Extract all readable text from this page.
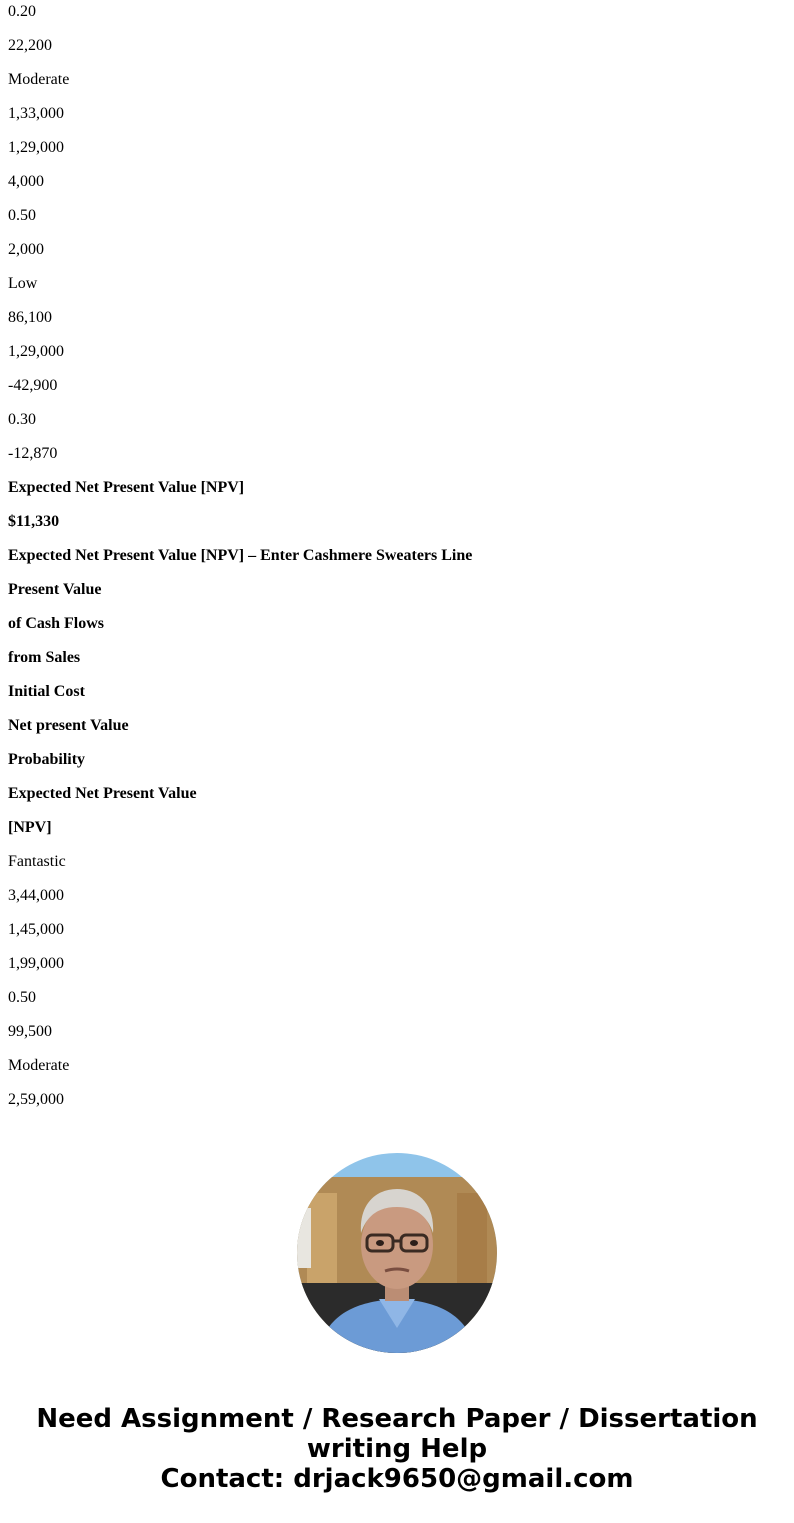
0.20
22,200
Moderate
1,33,000
1,29,000
4,000
0.50
2,000
Low
86,100
1,29,000
-42,900
0.30
-12,870
Expected Net Present Value [NPV]
$11,330
Expected Net Present Value [NPV] – Enter Cashmere Sweaters Line
Present Value
of Cash Flows
from Sales
Initial Cost
Net present Value
Probability
Expected Net Present Value
[NPV]
Fantastic
3,44,000
1,45,000
1,99,000
0.50
99,500
Moderate
2,59,000
Need Assignment / Research Paper / Dissertation
writing Help
Contact: drjack9650@gmail.com
